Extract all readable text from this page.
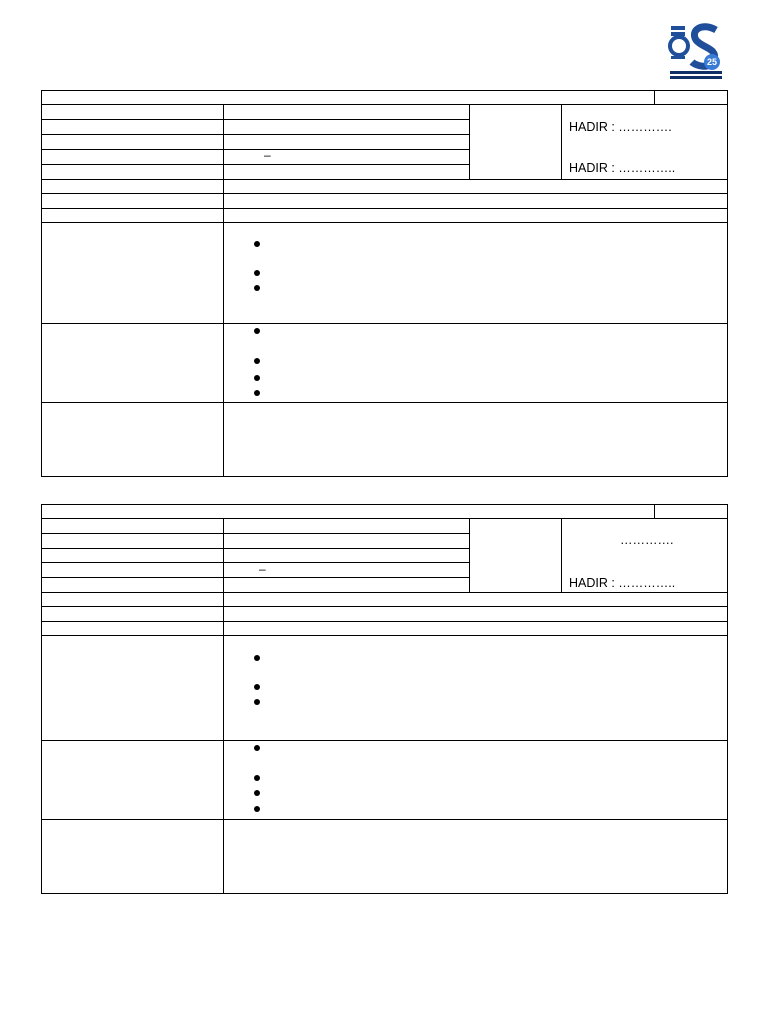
25
–
HADIR : ………….
HADIR : …………..
–
………….
HADIR : …………..
